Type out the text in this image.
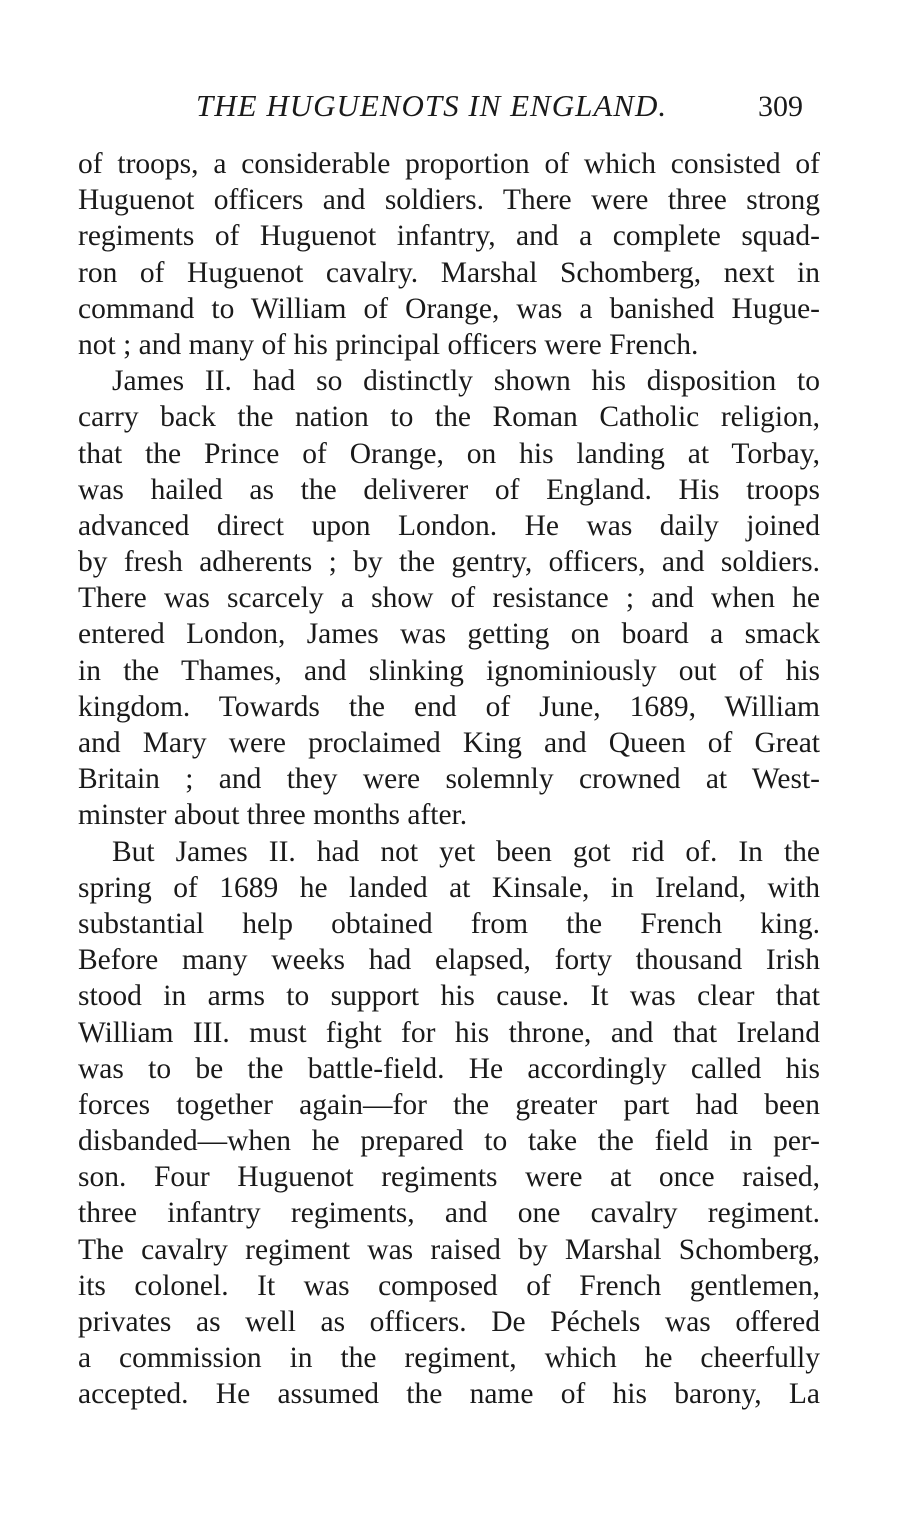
THE HUGUENOTS IN ENGLAND.	309
of troops, a considerable proportion of which consisted of
Huguenot officers and soldiers. There were three strong
regiments of Huguenot infantry, and a complete squad-
ron of Huguenot cavalry. Marshal Schomberg, next in
command to William of Orange, was a banished Hugue-
not ; and many of his principal officers were French.
James II. had so distinctly shown his disposition to
carry back the nation to the Roman Catholic religion,
that the Prince of Orange, on his landing at Torbay,
was hailed as the deliverer of England. His troops
advanced direct upon London. He was daily joined
by fresh adherents ; by the gentry, officers, and soldiers.
There was scarcely a show of resistance ; and when he
entered London, James was getting on board a smack
in the Thames, and slinking ignominiously out of his
kingdom. Towards the end of June, 1689, William
and Mary were proclaimed King and Queen of Great
Britain ; and they were solemnly crowned at West-
minster about three months after.
But James II. had not yet been got rid of. In the
spring of 1689 he landed at Kinsale, in Ireland, with
substantial help obtained from the French king.
Before many weeks had elapsed, forty thousand Irish
stood in arms to support his cause. It was clear that
William III. must fight for his throne, and that Ireland
was to be the battle-field. He accordingly called his
forces together again—for the greater part had been
disbanded—when he prepared to take the field in per-
son. Four Huguenot regiments were at once raised,
three infantry regiments, and one cavalry regiment.
The cavalry regiment was raised by Marshal Schomberg,
its colonel. It was composed of French gentlemen,
privates as well as officers. De Péchels was offered
a commission in the regiment, which he cheerfully
accepted. He assumed the name of his barony, La
